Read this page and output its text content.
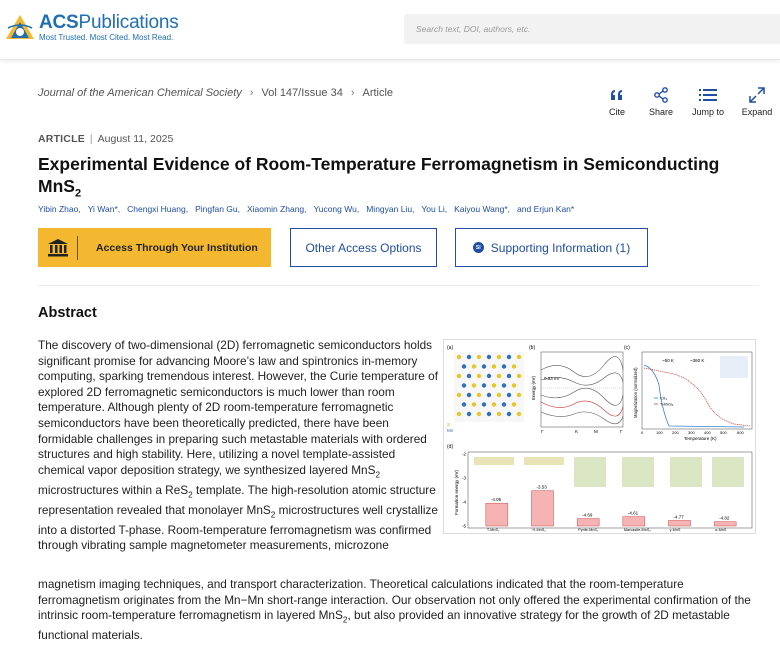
ACSPublications
Most Trusted. Most Cited. Most Read.
Search text, DOI, authors, etc.
Journal of the American Chemical Society › Vol 147/Issue 34 › Article
Cite	Share Jump to Expand
ARTICLE | August 11, 2025
Experimental Evidence of Room-Temperature Ferromagnetism in Semiconducting MnS$_2$
Yibin Zhao, Yi Wan*, Chengxi Huang, Pingfan Gu, Xiaomin Zhang, Yucong Wu, Mingyan Liu, You Li, Kaiyou Wang*, and Erjun Kan*
Access Through Your Institution	Other Access Options	SI Supporting Information (1)
Abstract

The discovery of two-dimensional (2D) ferromagnetic semiconductors holds significant promise for advancing Moore’s law and spintronics in-memory computing, sparking tremendous interest. However, the Curie temperature of explored 2D ferromagnetic semiconductors is much lower than room temperature. Although plenty of 2D room-temperature ferromagnetic semiconductors have been theoretically predicted, there have been formidable challenges in preparing such metastable materials with ordered structures and high stability. Here, utilizing a novel template-assisted chemical vapor deposition strategy, we synthesized layered MnS$_2$ microstructures within a ReS$_2$ template. The high-resolution atomic structure representation revealed that monolayer MnS$_2$ microstructures well crystallize into a distorted T-phase. Room-temperature ferromagnetism was confirmed through vibrating sample magnetometer measurements, microzone

magnetism imaging techniques, and transport characterization. Theoretical calculations indicated that the room-temperature ferromagnetism originates from the Mn−Mn short-range interaction. Our observation not only offered the experimental confirmation of the intrinsic room-temperature ferromagnetism in layered MnS$_2$, but also provided an innovative strategy for the growth of 2D metastable functional materials.

(a)
S
Mn
(b)
Energy (eV) 0.53 eV
Γ	K	M	Γ
(c)
Magnetization (normalized)
~50 K	~360 K
CrI₃
T-MnS₂
0	100 200 300 400 500	600
Temperature (K)
(d)
Formation energy (eV)
-2
-3
-4
-5
-4.05
T-MnS₂
-3.53
H-MnS₂
-4.69
Pyrite-MnS₂
-4.61
Marcasite-MnS₂
-4.77
γ-MnS
-4.82
α-MnS
